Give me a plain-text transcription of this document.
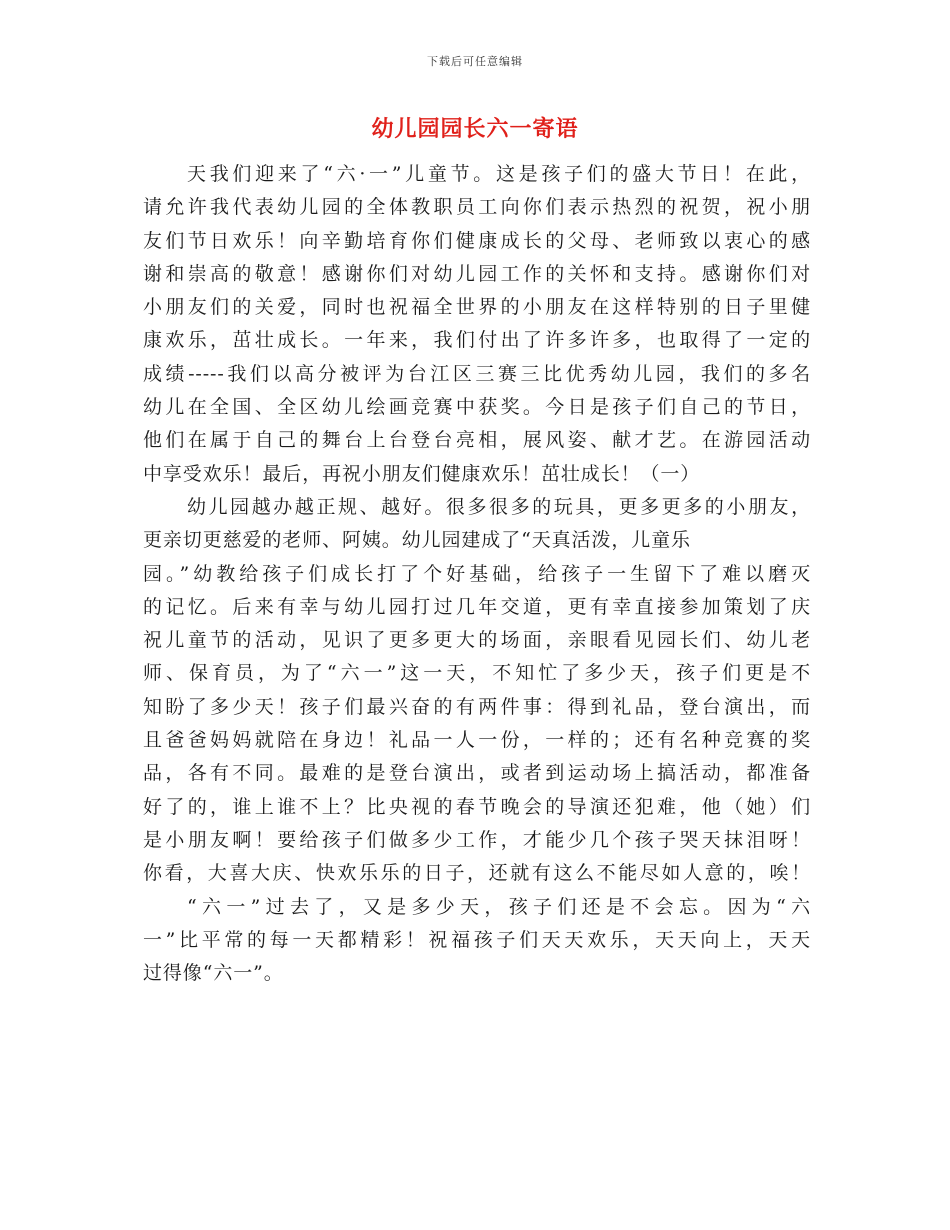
下载后可任意编辑
幼儿园园长六一寄语
天我们迎来了“六·一”儿童节。这是孩子们的盛大节日！在此，
请允许我代表幼儿园的全体教职员工向你们表示热烈的祝贺，祝小朋
友们节日欢乐！向辛勤培育你们健康成长的父母、老师致以衷心的感
谢和崇高的敬意！感谢你们对幼儿园工作的关怀和支持。感谢你们对
小朋友们的关爱，同时也祝福全世界的小朋友在这样特别的日子里健
康欢乐，茁壮成长。一年来，我们付出了许多许多，也取得了一定的
成绩-----我们以高分被评为台江区三赛三比优秀幼儿园，我们的多名
幼儿在全国、全区幼儿绘画竞赛中获奖。今日是孩子们自己的节日，
他们在属于自己的舞台上台登台亮相，展风姿、献才艺。在游园活动
中享受欢乐！最后，再祝小朋友们健康欢乐！茁壮成长！（一）
幼儿园越办越正规、越好。很多很多的玩具，更多更多的小朋友，
更亲切更慈爱的老师、阿姨。幼儿园建成了“天真活泼，儿童乐
园。”幼教给孩子们成长打了个好基础，给孩子一生留下了难以磨灭
的记忆。后来有幸与幼儿园打过几年交道，更有幸直接参加策划了庆
祝儿童节的活动，见识了更多更大的场面，亲眼看见园长们、幼儿老
师、保育员，为了“六一”这一天，不知忙了多少天，孩子们更是不
知盼了多少天！孩子们最兴奋的有两件事：得到礼品，登台演出，而
且爸爸妈妈就陪在身边！礼品一人一份，一样的；还有名种竞赛的奖
品，各有不同。最难的是登台演出，或者到运动场上搞活动，都准备
好了的，谁上谁不上？比央视的春节晚会的导演还犯难，他（她）们
是小朋友啊！要给孩子们做多少工作，才能少几个孩子哭天抹泪呀！
你看，大喜大庆、快欢乐乐的日子，还就有这么不能尽如人意的，唉！
“六一”过去了，又是多少天，孩子们还是不会忘。因为“六
一”比平常的每一天都精彩！祝福孩子们天天欢乐，天天向上，天天
过得像“六一”。
